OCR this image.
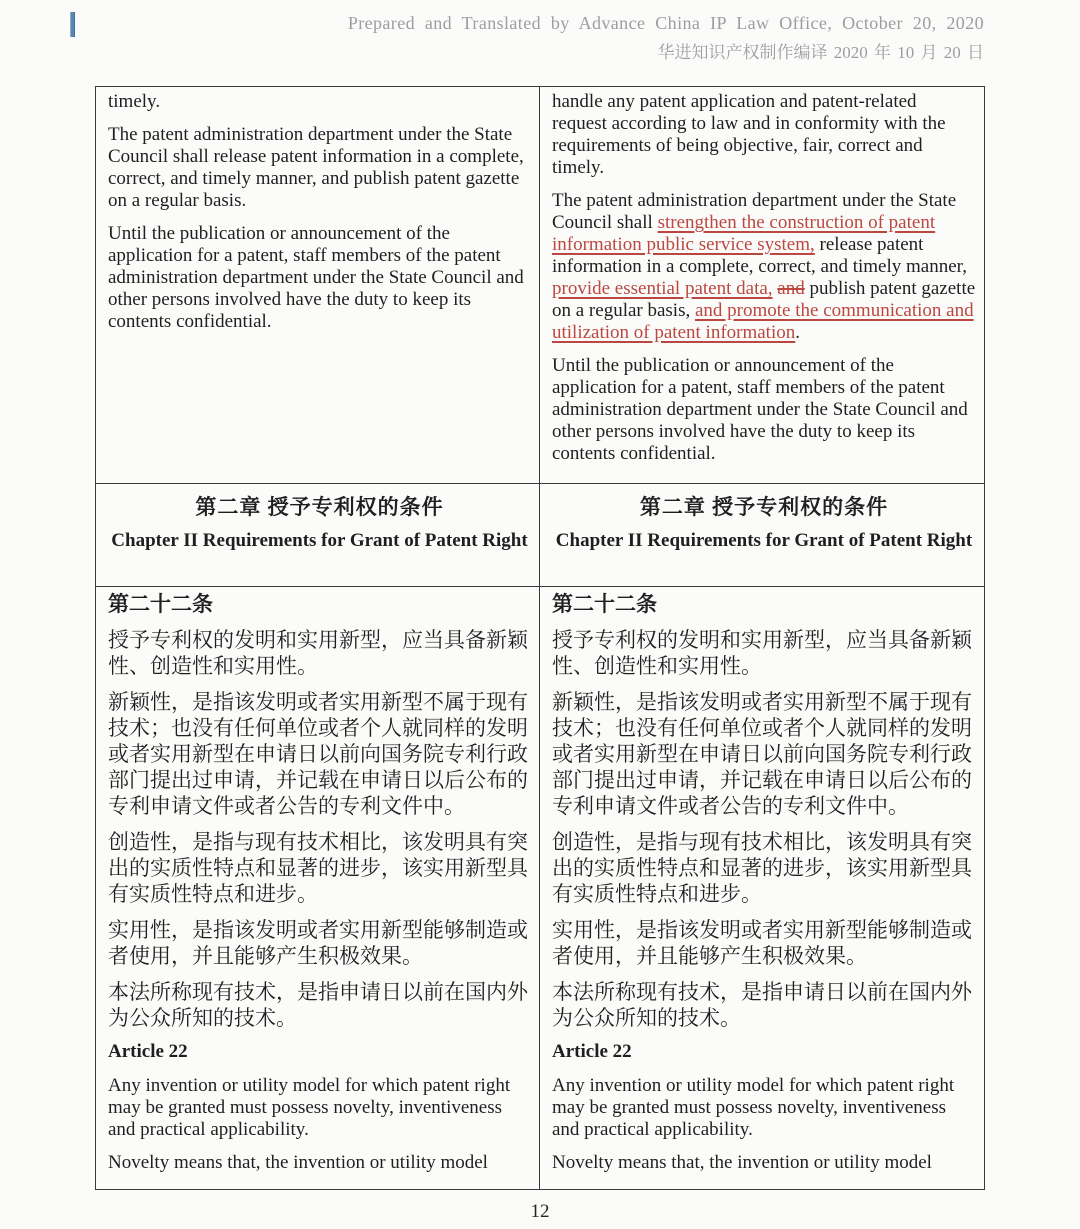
Prepared and Translated by Advance China IP Law Office, October 20, 2020
华进知识产权制作编译 2020 年 10 月 20 日

timely.

The patent administration department under the State Council shall release patent information in a complete, correct, and timely manner, and publish patent gazette on a regular basis.

Until the publication or announcement of the application for a patent, staff members of the patent administration department under the State Council and other persons involved have the duty to keep its contents confidential.

handle any patent application and patent-related request according to law and in conformity with the requirements of being objective, fair, correct and timely.

The patent administration department under the State Council shall strengthen the construction of patent information public service system, release patent information in a complete, correct, and timely manner, provide essential patent data, and publish patent gazette on a regular basis, and promote the communication and utilization of patent information.

Until the publication or announcement of the application for a patent, staff members of the patent administration department under the State Council and other persons involved have the duty to keep its contents confidential.

第二章 授予专利权的条件

Chapter II Requirements for Grant of Patent Right

第二章 授予专利权的条件

Chapter II Requirements for Grant of Patent Right

第二十二条

授予专利权的发明和实用新型，应当具备新颖性、创造性和实用性。

新颖性，是指该发明或者实用新型不属于现有技术；也没有任何单位或者个人就同样的发明或者实用新型在申请日以前向国务院专利行政部门提出过申请，并记载在申请日以后公布的专利申请文件或者公告的专利文件中。

创造性，是指与现有技术相比，该发明具有突出的实质性特点和显著的进步，该实用新型具有实质性特点和进步。

实用性，是指该发明或者实用新型能够制造或者使用，并且能够产生积极效果。

本法所称现有技术，是指申请日以前在国内外为公众所知的技术。

Article 22

Any invention or utility model for which patent right may be granted must possess novelty, inventiveness and practical applicability.

Novelty means that, the invention or utility model

第二十二条

授予专利权的发明和实用新型，应当具备新颖性、创造性和实用性。

新颖性，是指该发明或者实用新型不属于现有技术；也没有任何单位或者个人就同样的发明或者实用新型在申请日以前向国务院专利行政部门提出过申请，并记载在申请日以后公布的专利申请文件或者公告的专利文件中。

创造性，是指与现有技术相比，该发明具有突出的实质性特点和显著的进步，该实用新型具有实质性特点和进步。

实用性，是指该发明或者实用新型能够制造或者使用，并且能够产生积极效果。

本法所称现有技术，是指申请日以前在国内外为公众所知的技术。

Article 22

Any invention or utility model for which patent right may be granted must possess novelty, inventiveness and practical applicability.

Novelty means that, the invention or utility model

12
